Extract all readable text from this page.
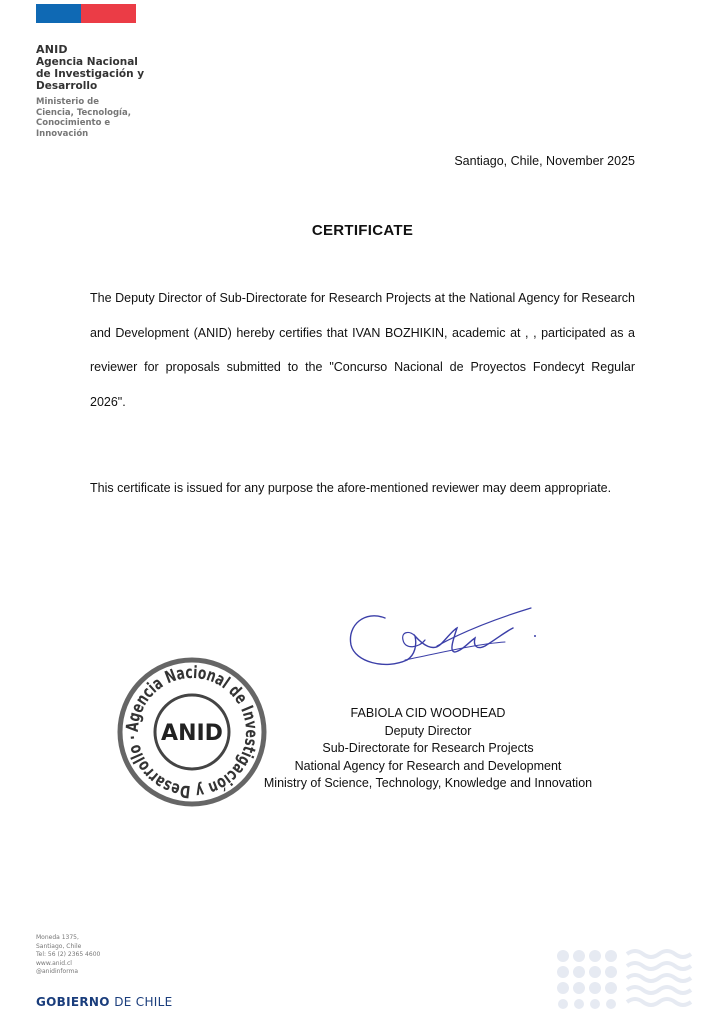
ANID
Agencia Nacional
de Investigación y
Desarrollo
Ministerio de
Ciencia, Tecnología,
Conocimiento e
Innovación
Santiago, Chile, November 2025
CERTIFICATE

The Deputy Director of Sub-Directorate for Research Projects at the National Agency for Research and Development (ANID) hereby certifies that IVAN BOZHIKIN, academic at , , participated as a reviewer for proposals submitted to the "Concurso Nacional de Proyectos Fondecyt Regular 2026".

This certificate is issued for any purpose the afore-mentioned reviewer may deem appropriate.

Agencia Nacional de Investigación y Desarrollo · ANID
FABIOLA CID WOODHEAD
Deputy Director
Sub-Directorate for Research Projects
National Agency for Research and Development
Ministry of Science, Technology, Knowledge and Innovation
Moneda 1375,
Santiago, Chile
Tel: 56 (2) 2365 4600
www.anid.cl
@anidinforma
GOBIERNO DE CHILE
